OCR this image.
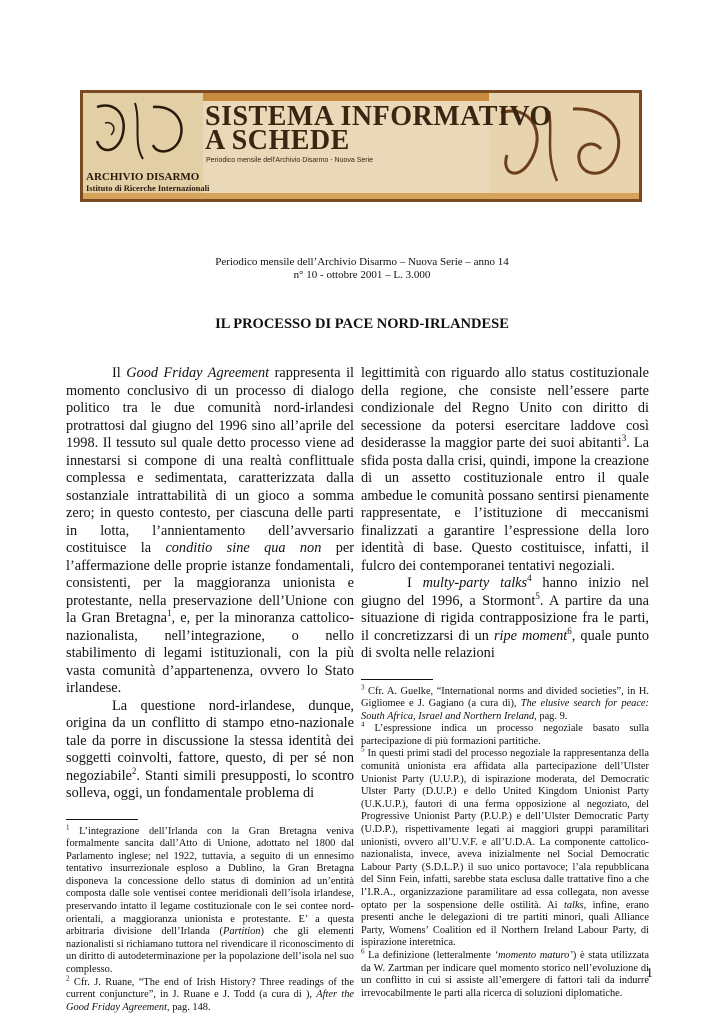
SISTEMA INFORMATIVO
A SCHEDE
Periodico mensile dell'Archivio Disarmo - Nuova Serie
ARCHIVIO DISARMO
Istituto di Ricerche Internazionali
Periodico mensile dell’Archivio Disarmo – Nuova Serie – anno 14
n° 10 - ottobre 2001 – L. 3.000
IL PROCESSO DI PACE NORD-IRLANDESE

Il Good Friday Agreement rappresenta il momento conclusivo di un processo di dialogo politico tra le due comunità nord-irlandesi protrattosi dal giugno del 1996 sino all’aprile del 1998. Il tessuto sul quale detto processo viene ad innestarsi si compone di una realtà conflittuale complessa e sedimentata, caratterizzata dalla sostanziale intrattabilità di un gioco a somma zero; in questo contesto, per ciascuna delle parti in lotta, l’annientamento dell’avversario costituisce la conditio sine qua non per l’affermazione delle proprie istanze fondamentali, consistenti, per la maggioranza unionista e protestante, nella preservazione dell’Unione con la Gran Bretagna$^1$, e, per la minoranza cattolico-nazionalista, nell’integrazione, o nello stabilimento di legami istituzionali, con la più vasta comunità d’appartenenza, ovvero lo Stato irlandese.

La questione nord-irlandese, dunque, origina da un conflitto di stampo etno-nazionale tale da porre in discussione la stessa identità dei soggetti coinvolti, fattore, questo, di per sé non negoziabile$^2$. Stanti simili presupposti, lo scontro solleva, oggi, un fondamentale problema di

$^1$ L’integrazione dell’Irlanda con la Gran Bretagna veniva formalmente sancita dall’Atto di Unione, adottato nel 1800 dal Parlamento inglese; nel 1922, tuttavia, a seguito di un ennesimo tentativo insurrezionale esploso a Dublino, la Gran Bretagna disponeva la concessione dello status di dominion ad un’entità composta dalle sole ventisei contee meridionali dell’isola irlandese, preservando intatto il legame costituzionale con le sei contee nord-orientali, a maggioranza unionista e protestante. E’ a questa arbitraria divisione dell’Irlanda (Partition) che gli elementi nazionalisti si richiamano tuttora nel rivendicare il riconoscimento di un diritto di autodeterminazione per la popolazione dell’isola nel suo complesso.

$^2$ Cfr. J. Ruane, “The end of Irish History? Three readings of the current conjuncture”, in J. Ruane e J. Todd (a cura di ), After the Good Friday Agreement, pag. 148.

legittimità con riguardo allo status costituzionale della regione, che consiste nell’essere parte condizionale del Regno Unito con diritto di secessione da potersi esercitare laddove così desiderasse la maggior parte dei suoi abitanti$^3$. La sfida posta dalla crisi, quindi, impone la creazione di un assetto costituzionale entro il quale ambedue le comunità possano sentirsi pienamente rappresentate, e l’istituzione di meccanismi finalizzati a garantire l’espressione della loro identità di base. Questo costituisce, infatti, il fulcro dei contemporanei tentativi negoziali.

I multy-party talks$^4$ hanno inizio nel giugno del 1996, a Stormont$^5$. A partire da una situazione di rigida contrapposizione fra le parti, il concretizzarsi di un ripe moment$^6$, quale punto di svolta nelle relazioni

$^3$ Cfr. A. Guelke, “International norms and divided societies”, in H. Gigliomee e J. Gagiano (a cura di), The elusive search for peace: South Africa, Israel and Northern Ireland, pag. 9.

$^4$ L’espressione indica un processo negoziale basato sulla partecipazione di più formazioni partitiche.

$^5$ In questi primi stadi del processo negoziale la rappresentanza della comunità unionista era affidata alla partecipazione dell’Ulster Unionist Party (U.U.P.), di ispirazione moderata, del Democratic Ulster Party (D.U.P.) e dello United Kingdom Unionist Party (U.K.U.P.), fautori di una ferma opposizione al negoziato, del Progressive Unionist Party (P.U.P.) e dell’Ulster Democratic Party (U.D.P.), rispettivamente legati ai maggiori gruppi paramilitari unionisti, ovvero all’U.V.F. e all’U.D.A. La componente cattolico-nazionalista, invece, aveva inizialmente nel Social Democratic Labour Party (S.D.L.P.) il suo unico portavoce; l’ala repubblicana del Sinn Fein, infatti, sarebbe stata esclusa dalle trattative fino a che l’I.R.A., organizzazione paramilitare ad essa collegata, non avesse optato per la sospensione delle ostilità. Ai talks, infine, erano presenti anche le delegazioni di tre partiti minori, quali Alliance Party, Womens’ Coalition ed il Northern Ireland Labour Party, di ispirazione interetnica.

$^6$ La definizione (letteralmente ‘momento maturo’) è stata utilizzata da W. Zartman per indicare quel momento storico nell’evoluzione di un conflitto in cui si assiste all’emergere di fattori tali da indurre irrevocabilmente le parti alla ricerca di soluzioni diplomatiche.

1
